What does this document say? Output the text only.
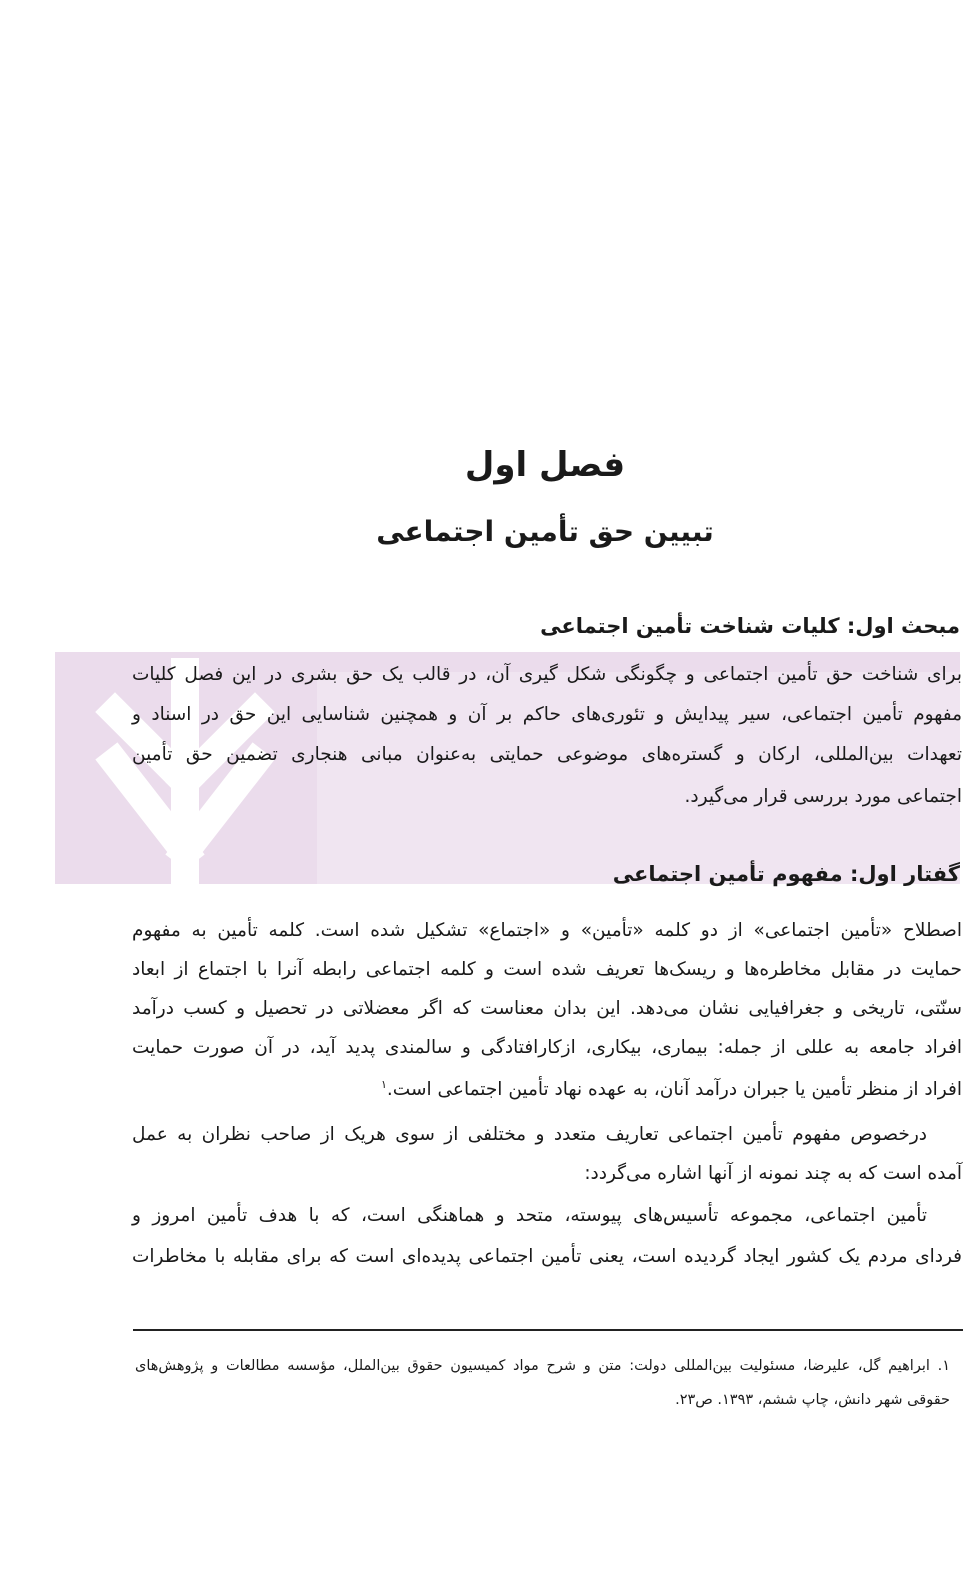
فصل اول
تبیین حق تأمین اجتماعی
مبحث اول: کلیات شناخت تأمین اجتماعی
برای شناخت حق تأمین اجتماعی و چگونگی شکل گیری آن، در قالب یک حق بشری در این فصل کلیات
مفهوم تأمین اجتماعی، سیر پیدایش و تئوری‌های حاکم بر آن و همچنین شناسایی این حق در اسناد و
تعهدات بین‌المللی، ارکان و گستره‌های موضوعی حمایتی به‌عنوان مبانی هنجاری تضمین حق تأمین
اجتماعی مورد بررسی قرار می‌گیرد.
گفتار اول: مفهوم تأمین اجتماعی
اصطلاح «تأمین اجتماعی» از دو کلمه «تأمین» و «اجتماع» تشکیل شده است. کلمه تأمین به مفهوم
حمایت در مقابل مخاطره‌ها و ریسک‌ها تعریف شده است و کلمه اجتماعی رابطه آنرا با اجتماع از ابعاد
سنّتی، تاریخی و جغرافیایی نشان می‌دهد. این بدان معناست که اگر معضلاتی در تحصیل و کسب درآمد
افراد جامعه به عللی از جمله: بیماری، بیکاری، ازکارافتادگی و سالمندی پدید آید، در آن صورت حمایت
افراد از منظر تأمین یا جبران درآمد آنان، به عهده نهاد تأمین اجتماعی است.$^۱$
درخصوص مفهوم تأمین اجتماعی تعاریف متعدد و مختلفی از سوی هریک از صاحب نظران به عمل
آمده است که به چند نمونه از آنها اشاره می‌گردد:
تأمین اجتماعی، مجموعه تأسیس‌های پیوسته، متحد و هماهنگی است، که با هدف تأمین امروز و
فردای مردم یک کشور ایجاد گردیده است، یعنی تأمین اجتماعی پدیده‌ای است که برای مقابله با مخاطرات
۱. ابراهیم گل، علیرضا، مسئولیت بین‌المللی دولت: متن و شرح مواد کمیسیون حقوق بین‌الملل، مؤسسه مطالعات و پژوهش‌های
حقوقی شهر دانش، چاپ ششم، ۱۳۹۳. ص۲۳.
